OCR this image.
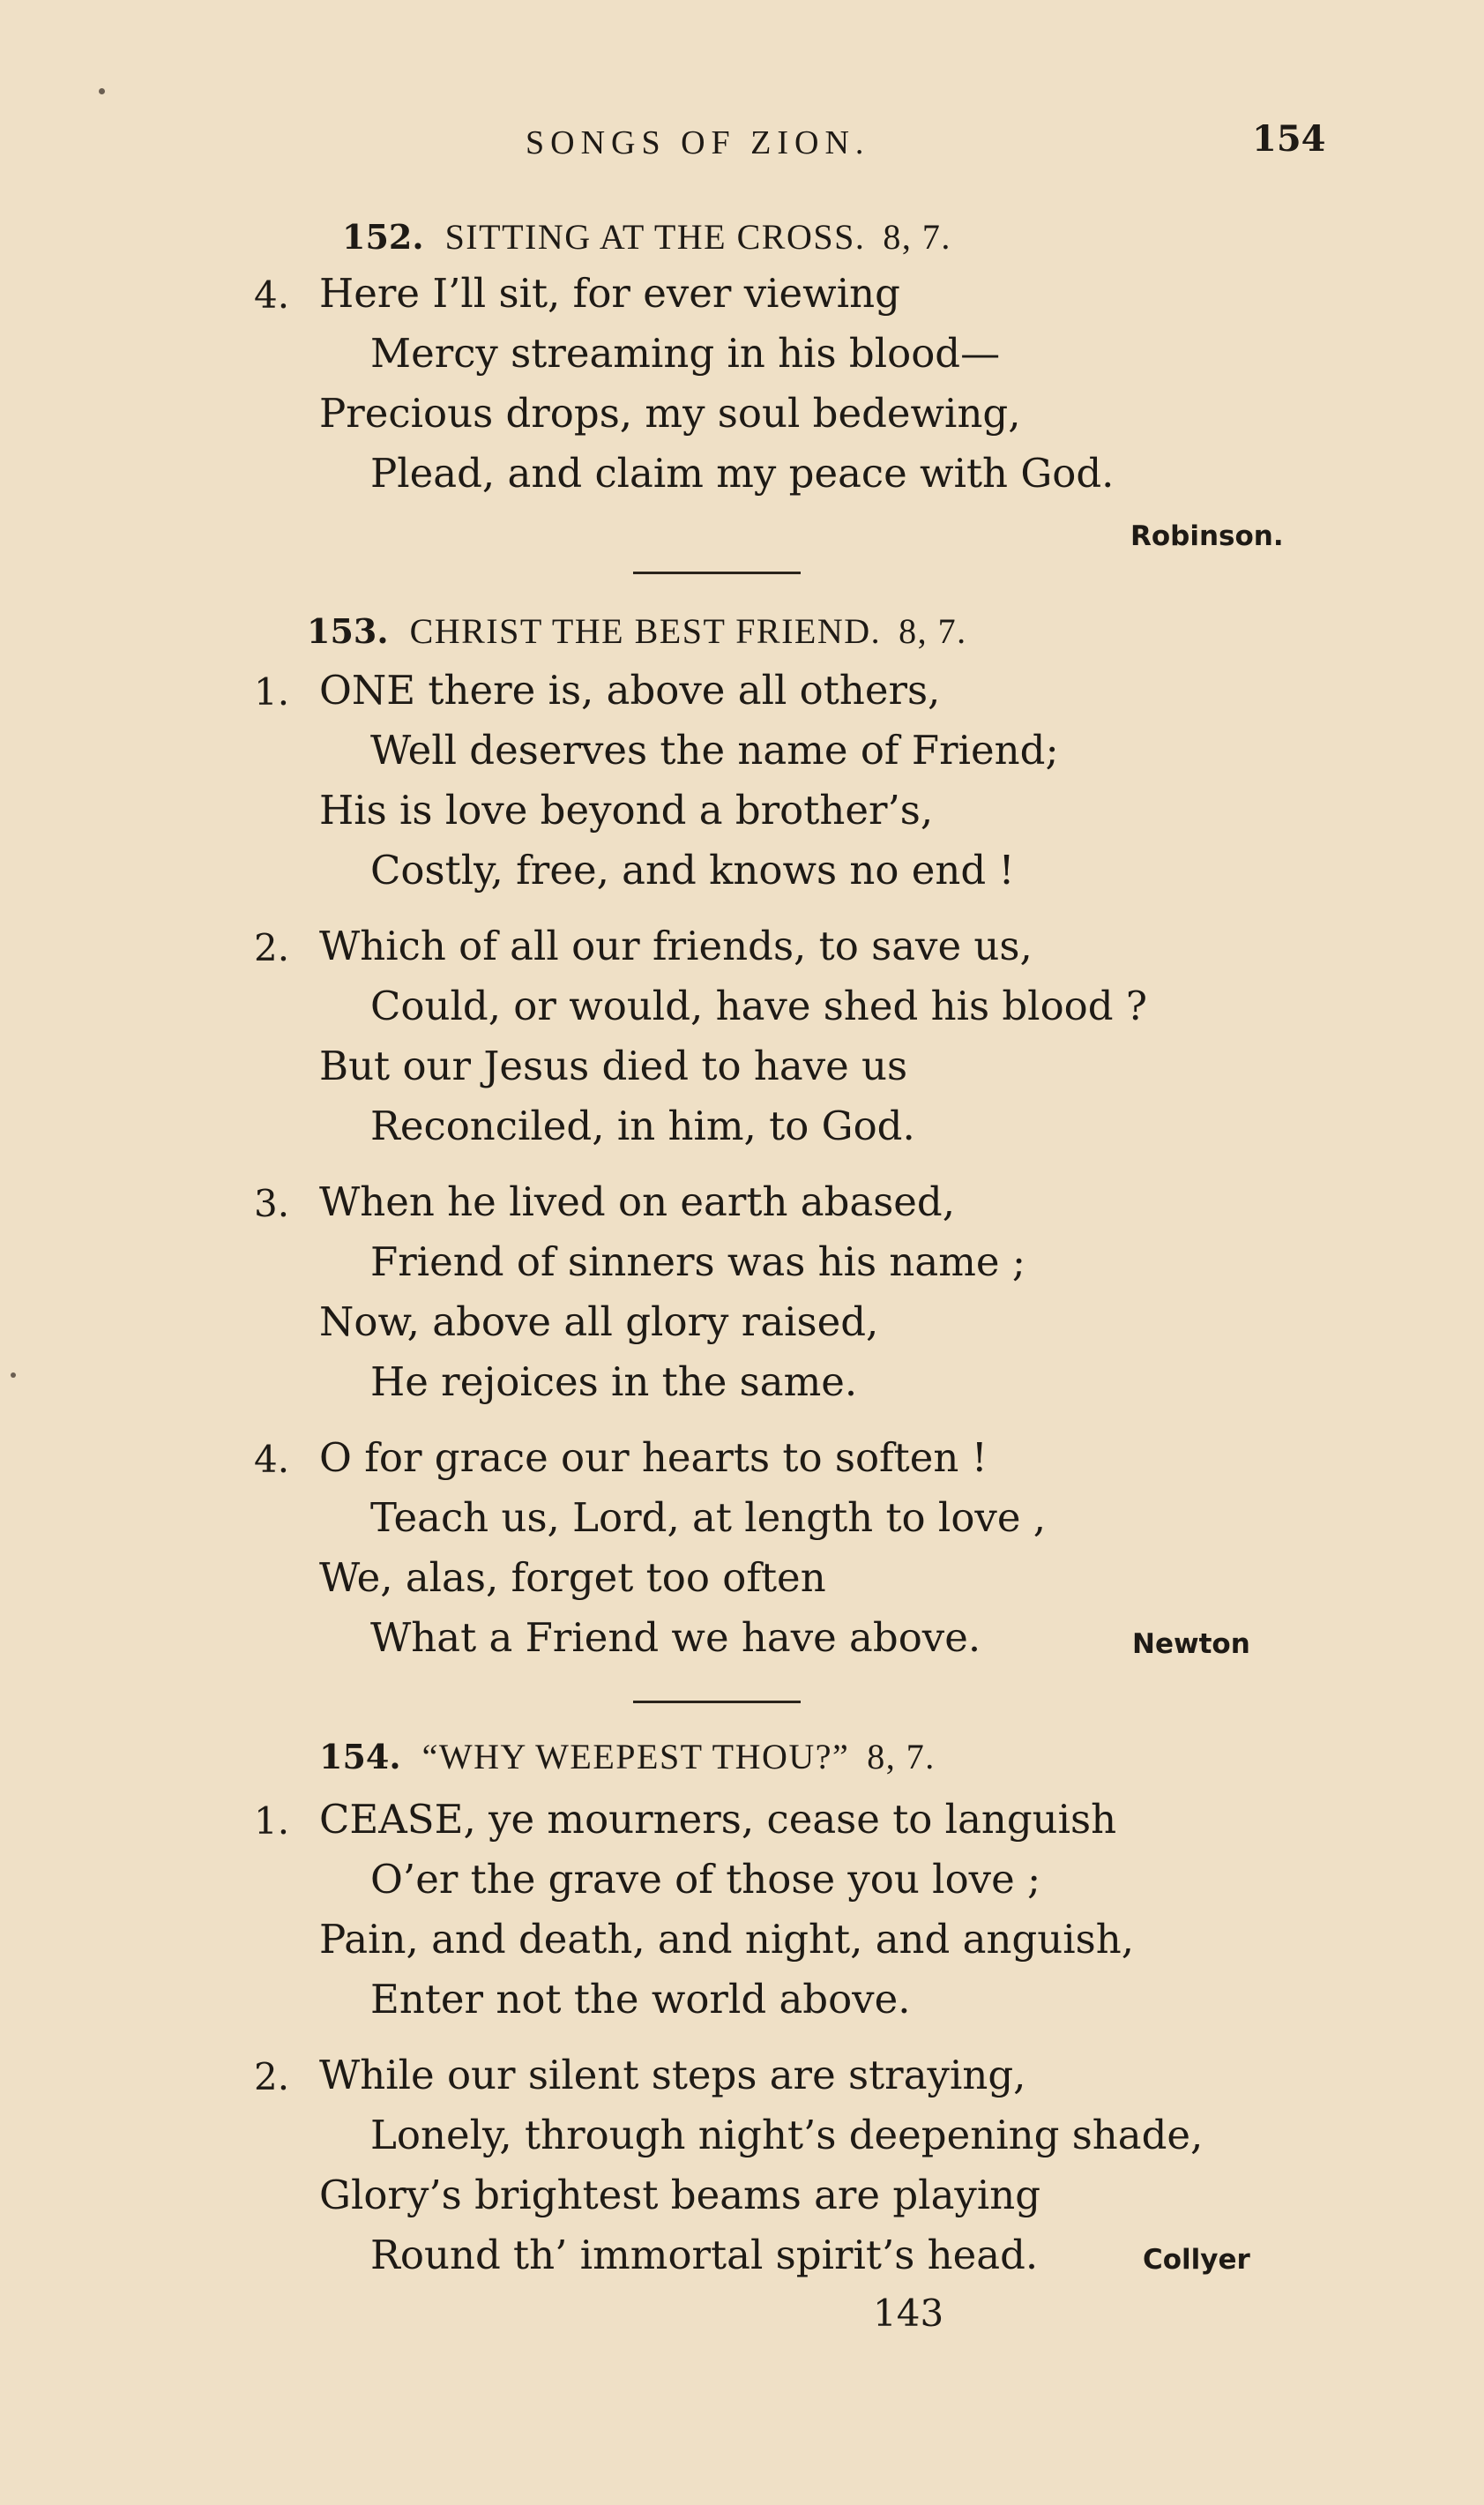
SONGS OF ZION.	154
152. SITTING AT THE CROSS. 8, 7.
4. Here I’ll sit, for ever viewing
Mercy streaming in his blood—
Precious drops, my soul bedewing,
Plead, and claim my peace with God.
Robinson.
153. CHRIST THE BEST FRIEND. 8, 7.
1. ONE there is, above all others,
Well deserves the name of Friend;
His is love beyond a brother’s,
Costly, free, and knows no end !
2. Which of all our friends, to save us,
Could, or would, have shed his blood ?
But our Jesus died to have us
Reconciled, in him, to God.
3. When he lived on earth abased,
Friend of sinners was his name ;
Now, above all glory raised,
He rejoices in the same.
4. O for grace our hearts to soften !
Teach us, Lord, at length to love ,
We, alas, forget too often
What a Friend we have above.	Newton
154. “WHY WEEPEST THOU?” 8, 7.
1. CEASE, ye mourners, cease to languish
O’er the grave of those you love ;
Pain, and death, and night, and anguish,
Enter not the world above.
2. While our silent steps are straying,
Lonely, through night’s deepening shade,
Glory’s brightest beams are playing
Round th’ immortal spirit’s head.	Collyer
143
